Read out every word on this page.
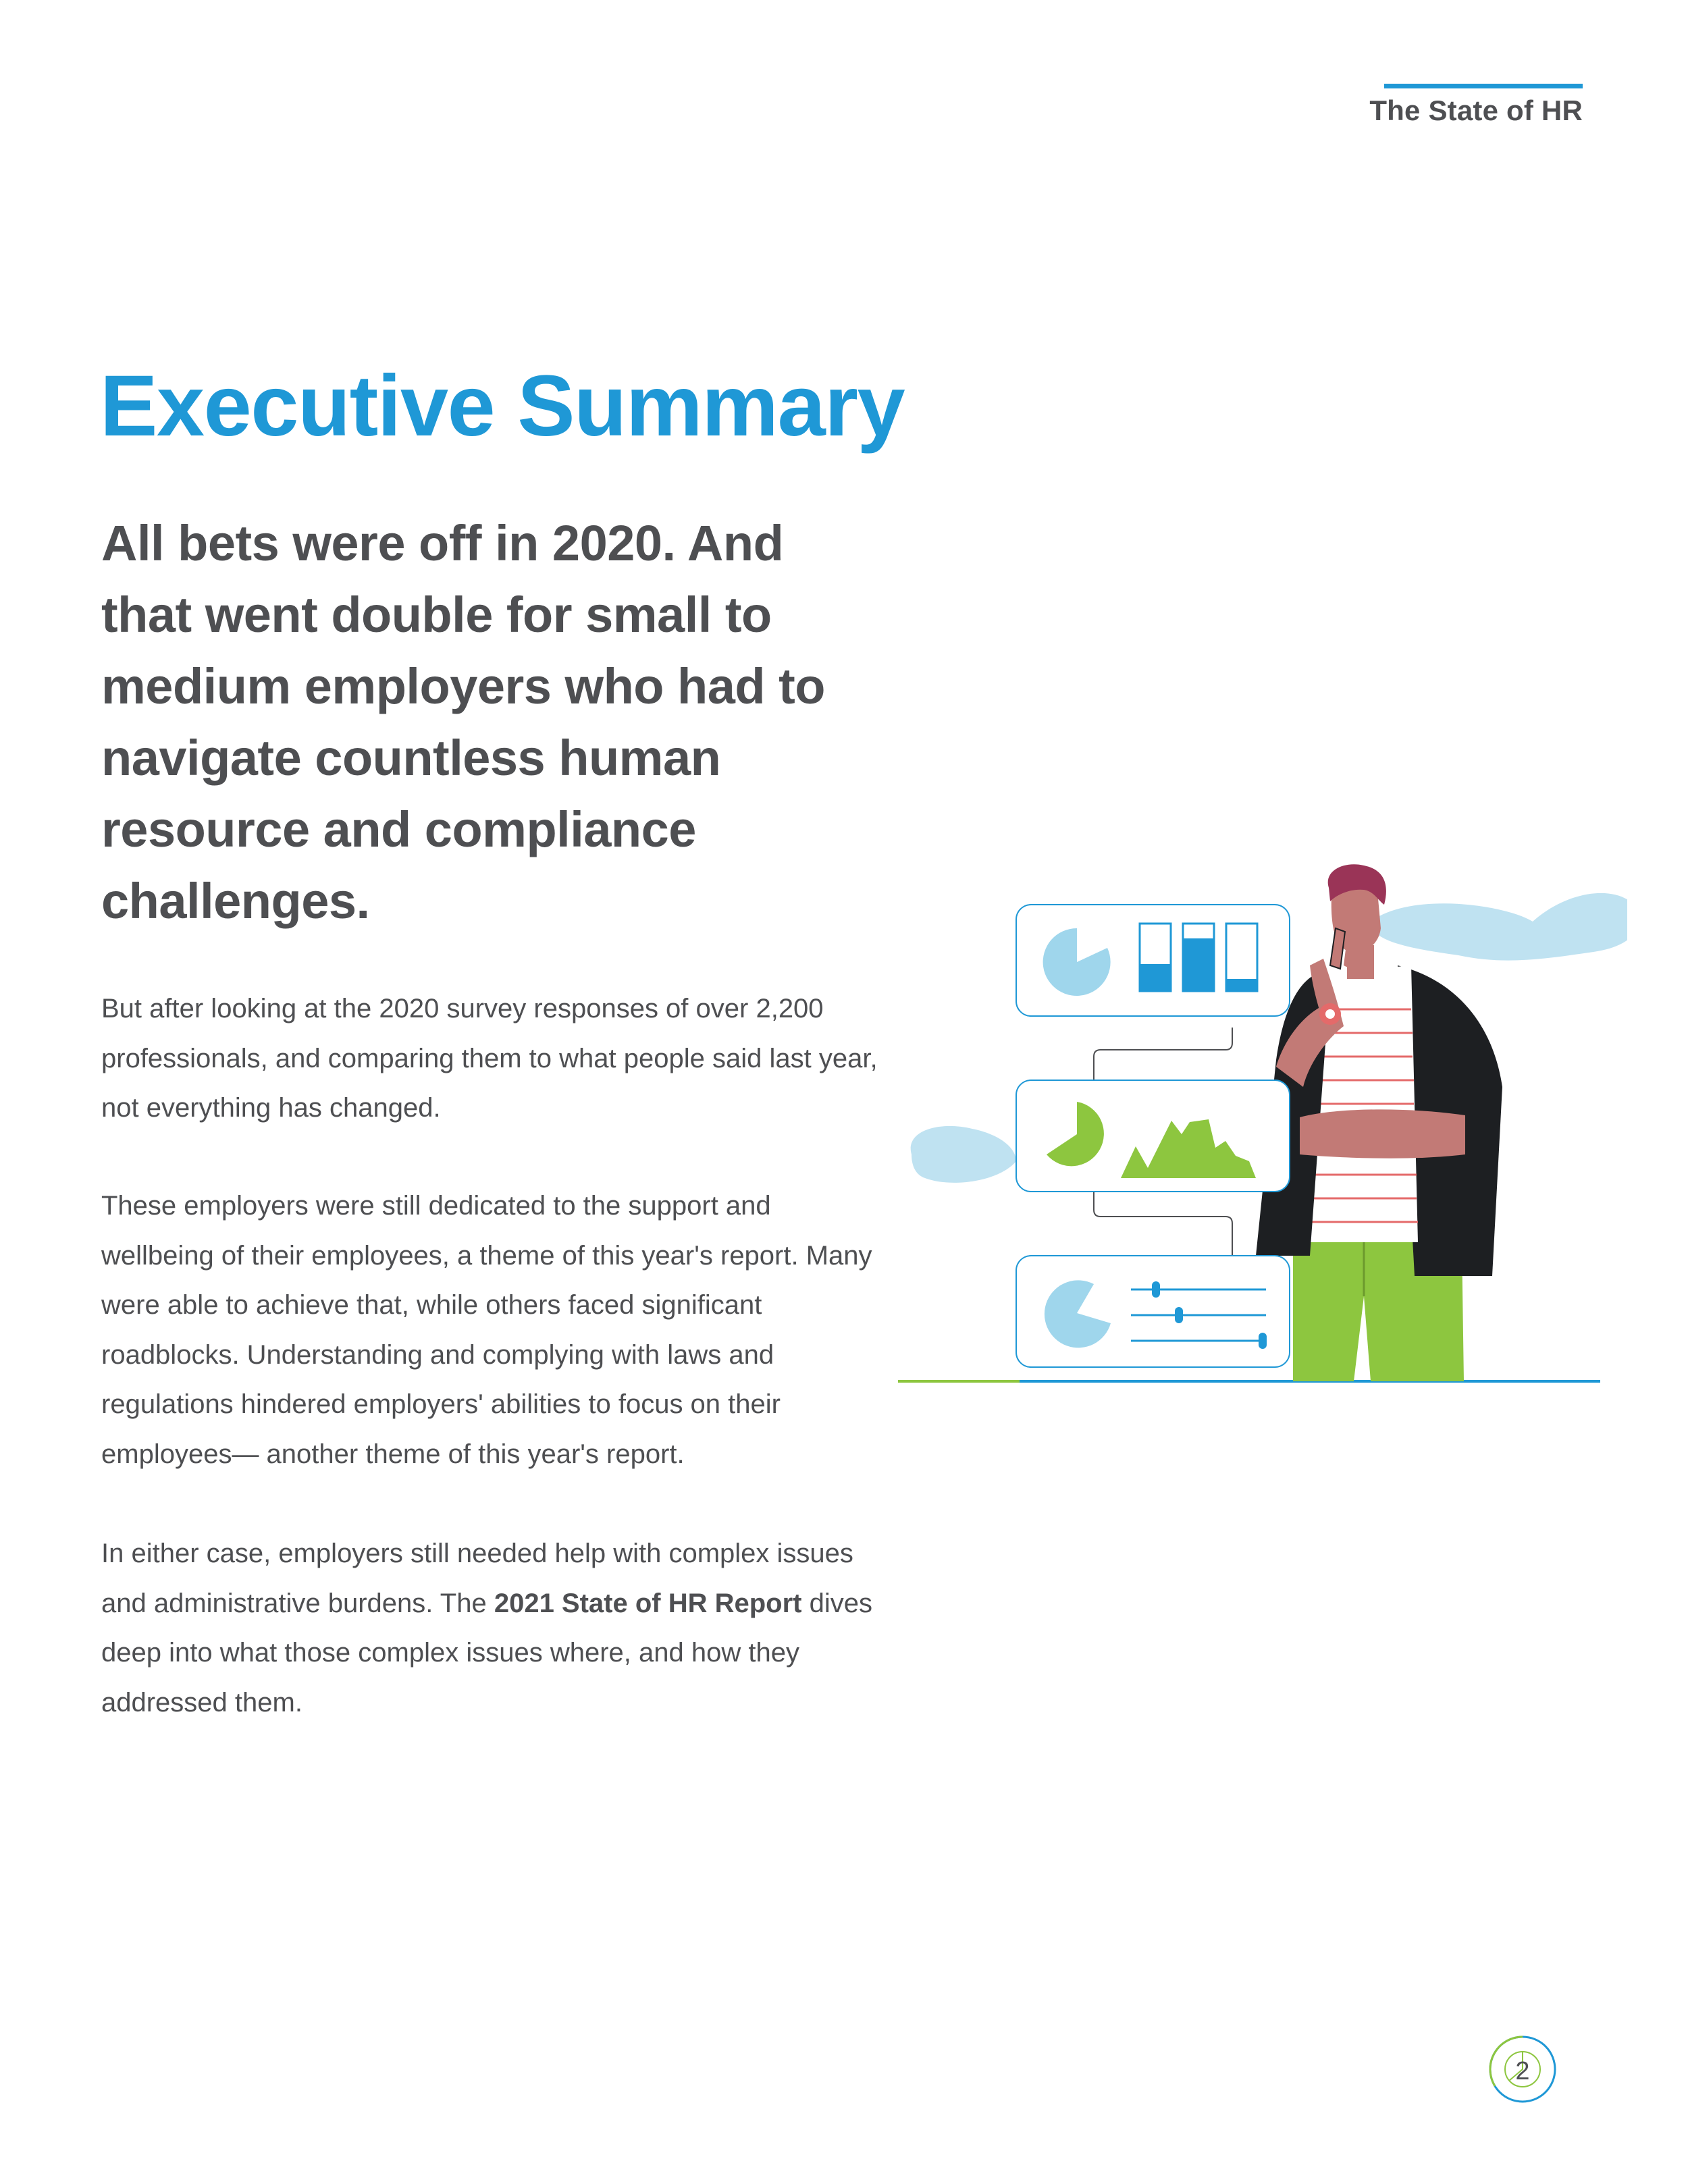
The State of HR
Executive Summary

All bets were off in 2020. And that went double for small to medium employers who had to navigate countless human resource and compliance challenges.

But after looking at the 2020 survey responses of over 2,200 professionals, and comparing them to what people said last year, not everything has changed.

These employers were still dedicated to the support and wellbeing of their employees, a theme of this year's report. Many were able to achieve that, while others faced significant roadblocks. Understanding and complying with laws and regulations hindered employers' abilities to focus on their employees— another theme of this year's report.

In either case, employers still needed help with complex issues and administrative burdens. The 2021 State of HR Report dives deep into what those complex issues where, and how they addressed them.

2
